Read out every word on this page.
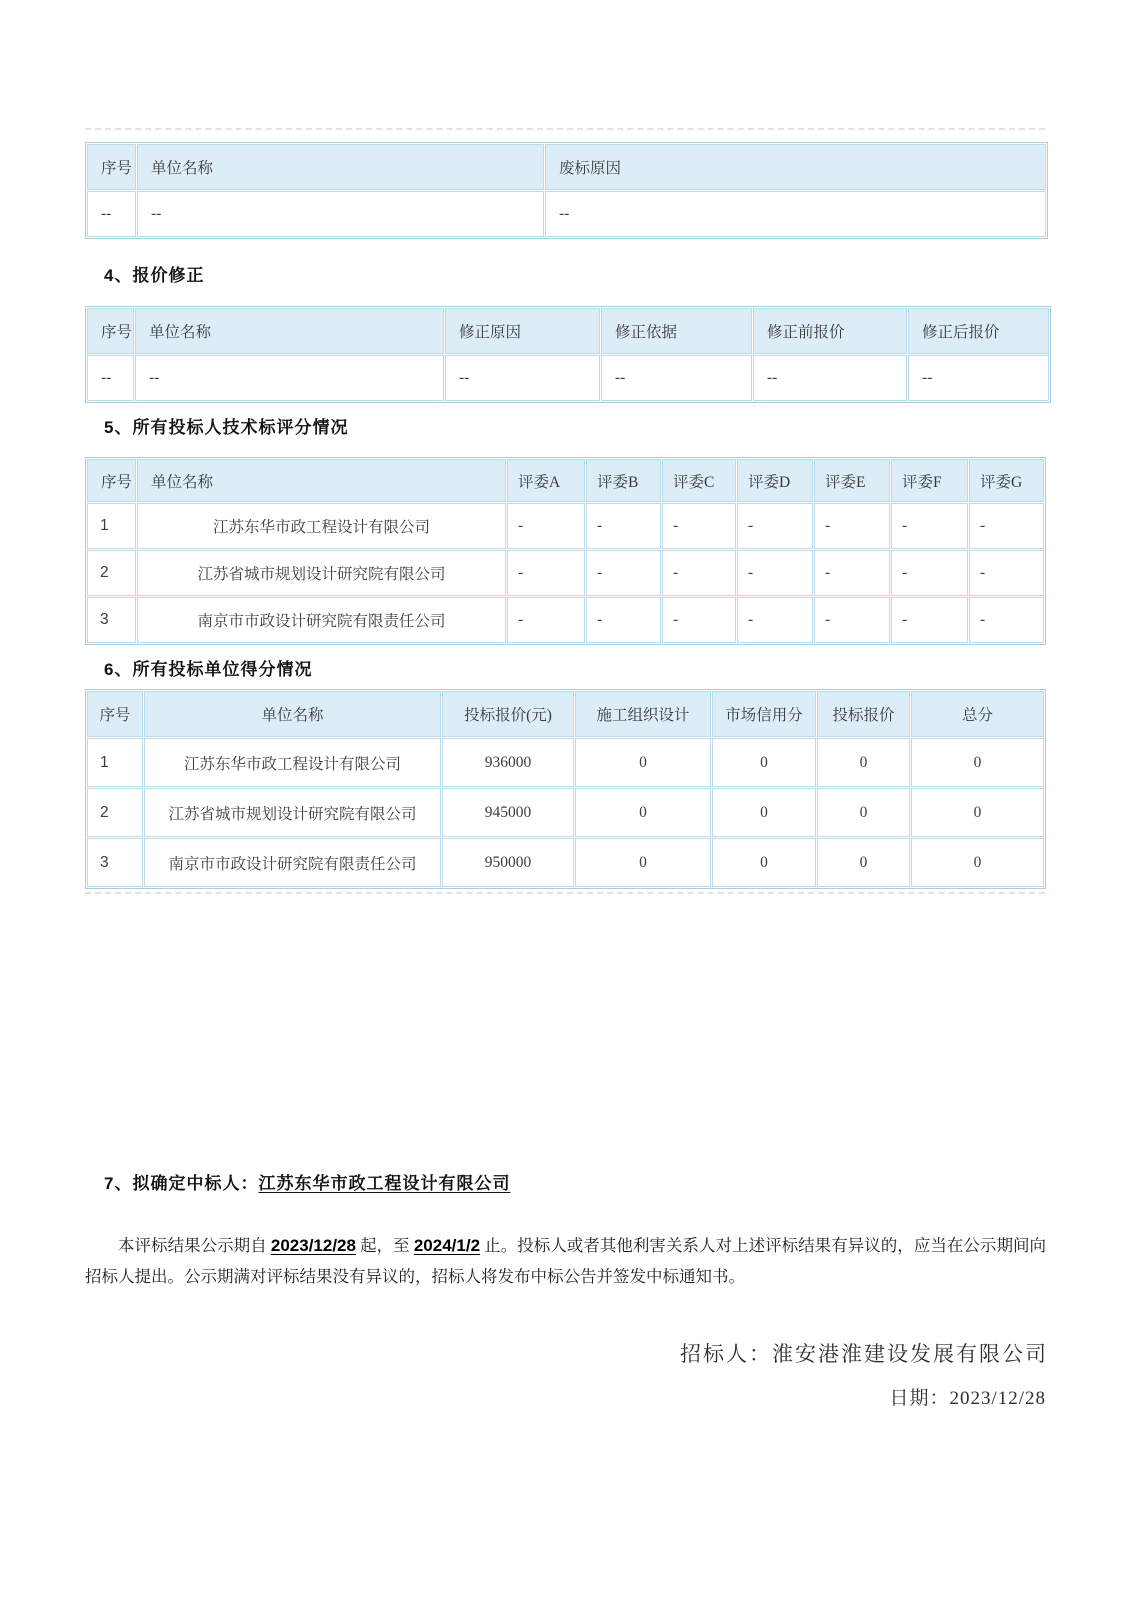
序号	单位名称	废标原因
--	--	--
4、报价修正
序号	单位名称	修正原因	修正依据	修正前报价	修正后报价
--	--	--	--	--	--
5、所有投标人技术标评分情况
序号	单位名称	评委A	评委B	评委C	评委D	评委E	评委F	评委G
1	江苏东华市政工程设计有限公司	-	-	-	-	-	-	-
2	江苏省城市规划设计研究院有限公司	-	-	-	-	-	-	-
3	南京市市政设计研究院有限责任公司	-	-	-	-	-	-	-
6、所有投标单位得分情况
序号	单位名称	投标报价(元)	施工组织设计	市场信用分	投标报价	总分
1	江苏东华市政工程设计有限公司	936000	0	0	0	0
2	江苏省城市规划设计研究院有限公司	945000	0	0	0	0
3	南京市市政设计研究院有限责任公司	950000	0	0	0	0
7、拟确定中标人：江苏东华市政工程设计有限公司

本评标结果公示期自 2023/12/28 起，至 2024/1/2 止。投标人或者其他利害关系人对上述评标结果有异议的，应当在公示期间向招标人提出。公示期满对评标结果没有异议的，招标人将发布中标公告并签发中标通知书。

招标人：淮安港淮建设发展有限公司
日期：2023/12/28
